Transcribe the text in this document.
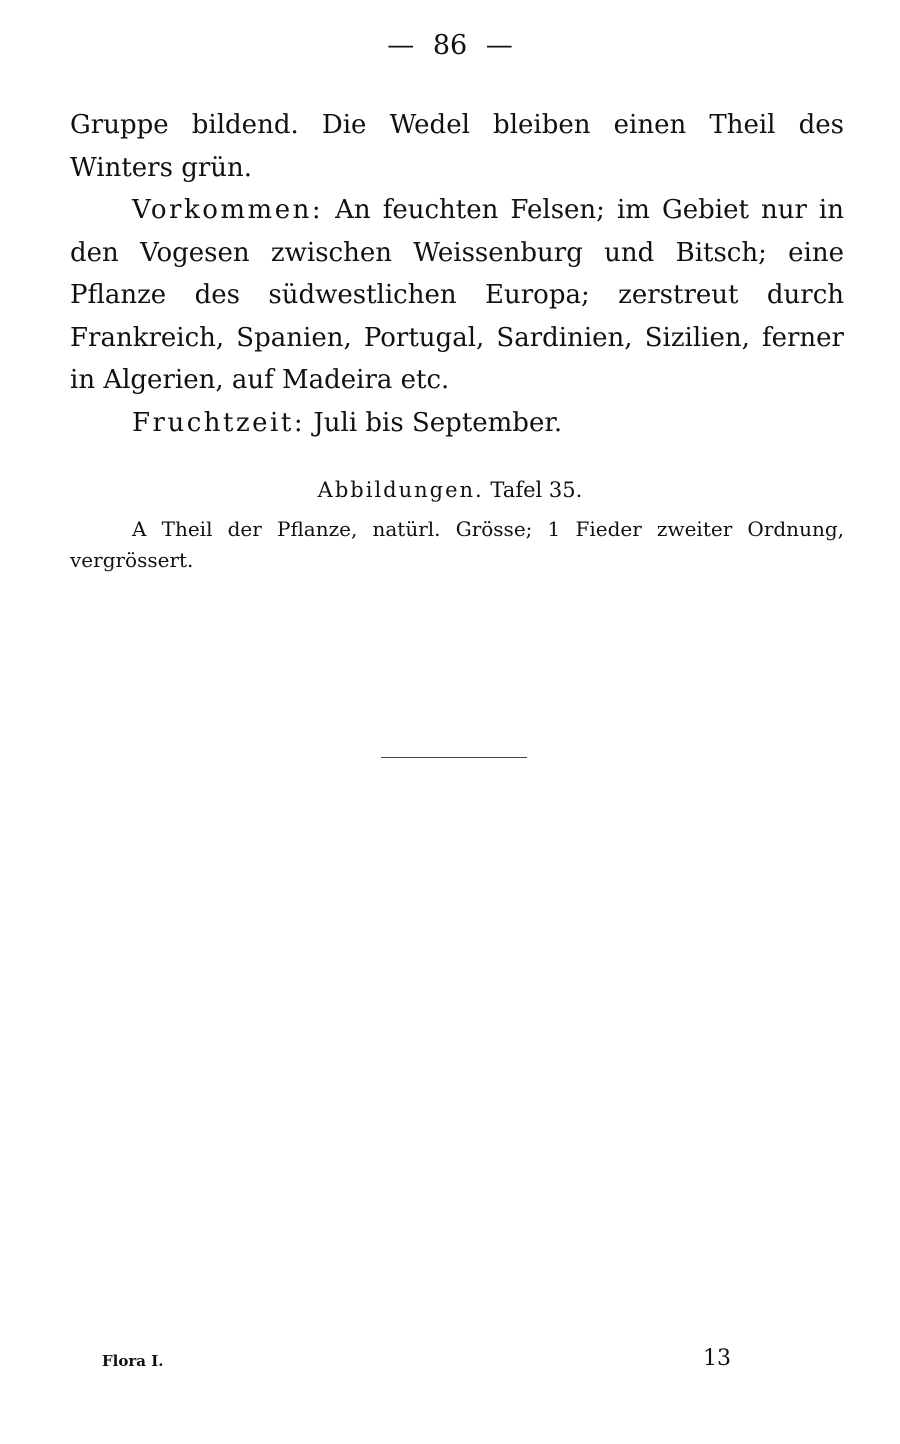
— 86 —

Gruppe bildend. Die Wedel bleiben einen Theil des Winters grün.

Vorkommen: An feuchten Felsen; im Gebiet nur in den Vogesen zwischen Weissenburg und Bitsch; eine Pflanze des südwestlichen Europa; zerstreut durch Frankreich, Spanien, Portugal, Sardinien, Sizilien, ferner in Algerien, auf Madeira etc.

Fruchtzeit: Juli bis September.

Abbildungen. Tafel 35.
A Theil der Pflanze, natürl. Grösse; 1 Fieder zweiter Ordnung, vergrössert.
Flora I.	13
